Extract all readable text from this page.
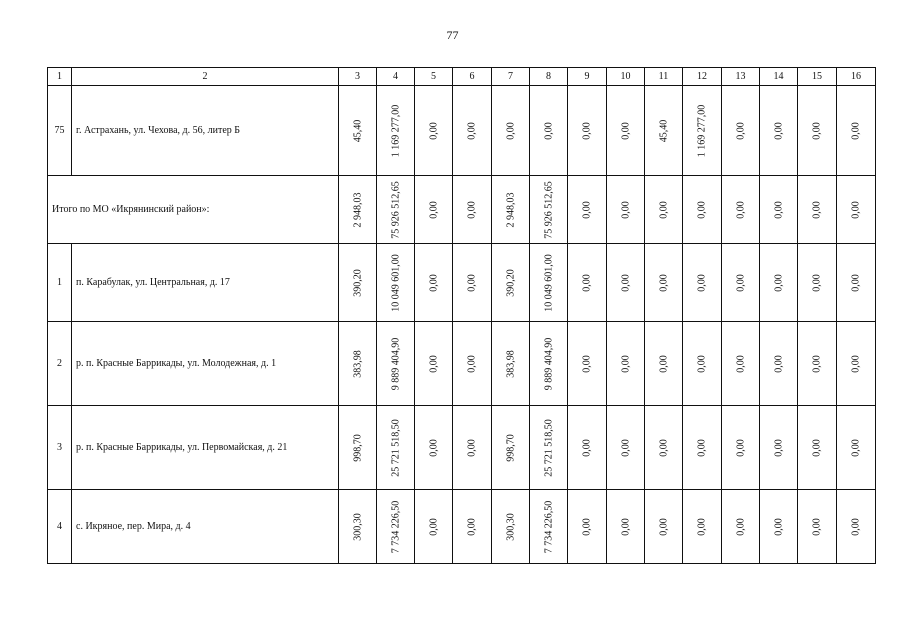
77
1	2	3	4	5	6	7	8	9	10	11	12	13	14	15	16
75	г. Астрахань, ул. Чехова, д. 56, литер Б	45,40	1 169 277,00	0,00	0,00	0,00	0,00	0,00	0,00	45,40	1 169 277,00	0,00	0,00	0,00	0,00

Итого по МО «Икрянинский район»:		2 948,03	75 926 512,65	0,00	0,00	2 948,03	75 926 512,65	0,00	0,00	0,00	0,00	0,00	0,00	0,00	0,00

1	п. Карабулак, ул. Центральная, д. 17	390,20	10 049 601,00	0,00	0,00	390,20	10 049 601,00	0,00	0,00	0,00	0,00	0,00	0,00	0,00	0,00

2	р. п. Красные Баррикады, ул. Молодежная, д. 1	383,98	9 889 404,90	0,00	0,00	383,98	9 889 404,90	0,00	0,00	0,00	0,00	0,00	0,00	0,00	0,00

3	р. п. Красные Баррикады, ул. Первомайская, д. 21	998,70	25 721 518,50	0,00	0,00	998,70	25 721 518,50	0,00	0,00	0,00	0,00	0,00	0,00	0,00	0,00

4	с. Икряное, пер. Мира, д. 4	300,30	7 734 226,50	0,00	0,00	300,30	7 734 226,50	0,00	0,00	0,00	0,00	0,00	0,00	0,00	0,00
